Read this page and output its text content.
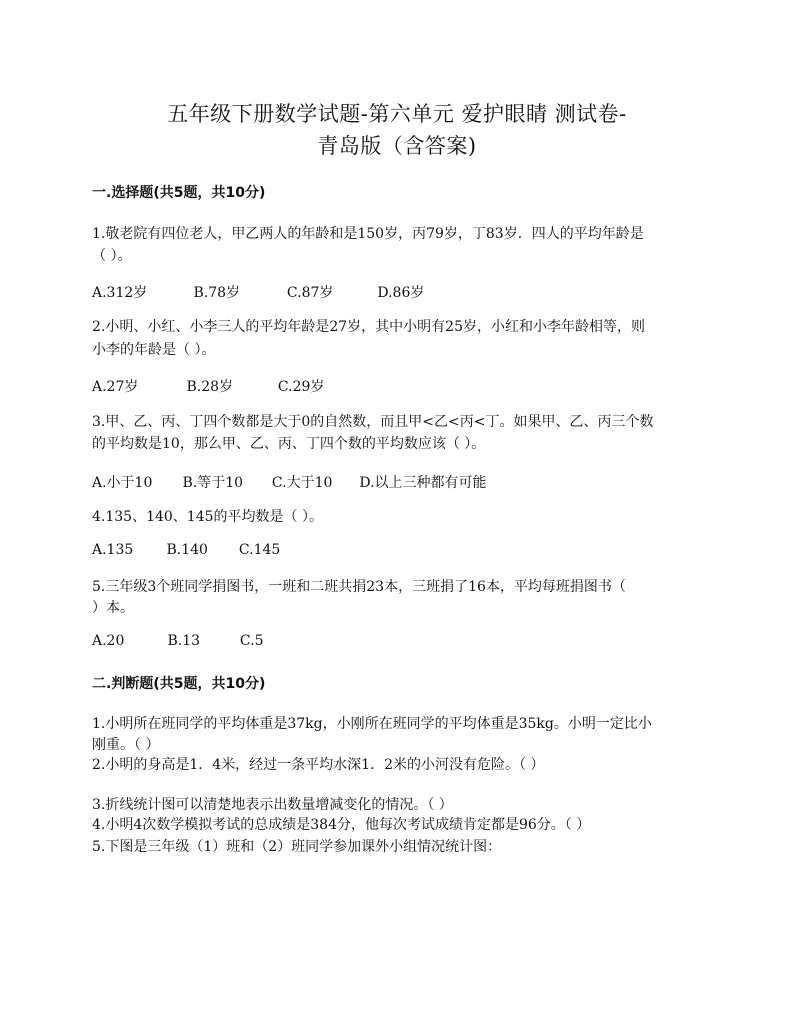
五年级下册数学试题-第六单元 爱护眼睛 测试卷-
青岛版（含答案)
一.选择题(共5题，共10分)
1.敬老院有四位老人，甲乙两人的年龄和是150岁，丙79岁，丁83岁．四人的平均年龄是
（ ）。
A.312岁	B.78岁	C.87岁	D.86岁
2.小明、小红、小李三人的平均年龄是27岁，其中小明有25岁，小红和小李年龄相等，则
小李的年龄是（ ）。
A.27岁	B.28岁	C.29岁
3.甲、乙、丙、丁四个数都是大于0的自然数，而且甲<乙<丙<丁。如果甲、乙、丙三个数
的平均数是10，那么甲、乙、丙、丁四个数的平均数应该（ ）。
A.小于10 B.等于10 C.大于10 D.以上三种都有可能
4.135、140、145的平均数是（ ）。
A.135 B.140 C.145
5.三年级3个班同学捐图书，一班和二班共捐23本，三班捐了16本，平均每班捐图书（
）本。
A.20	B.13	C.5
二.判断题(共5题，共10分)
1.小明所在班同学的平均体重是37kg，小刚所在班同学的平均体重是35kg。小明一定比小
刚重。（ ）
2.小明的身高是1．4米，经过一条平均水深1．2米的小河没有危险。（ ）
3.折线统计图可以清楚地表示出数量增减变化的情况。（ ）
4.小明4次数学模拟考试的总成绩是384分，他每次考试成绩肯定都是96分。（ ）
5.下图是三年级（1）班和（2）班同学参加课外小组情况统计图：
